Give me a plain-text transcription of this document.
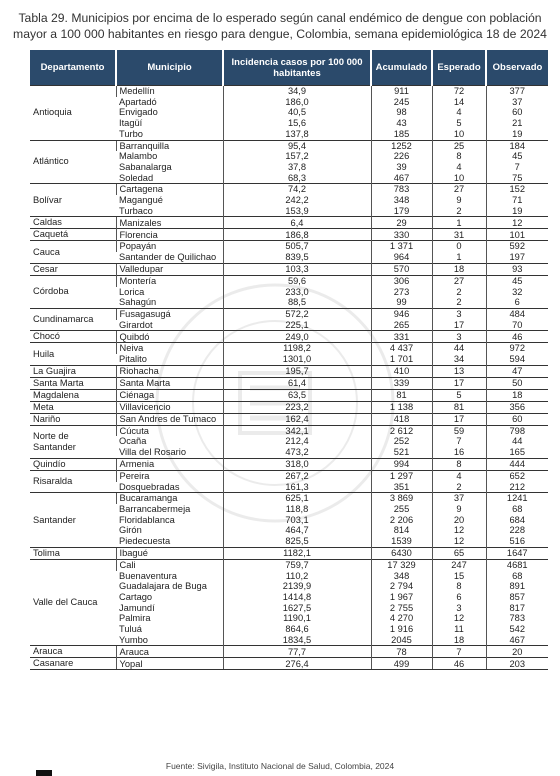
Tabla 29. Municipios por encima de lo esperado según canal endémico de dengue con población mayor a 100 000 habitantes en riesgo para dengue, Colombia, semana epidemiológica 18 de 2024
Departamento	Municipio	Incidencia casos por 100 000 habitantes	Acumulado	Esperado	Observado
Antioquia	Medellín	34,9	911	72	377
	Apartadó	186,0	245	14	37
	Envigado	40,5	98	4	60
	Itagüí	15,6	43	5	21
	Turbo	137,8	185	10	19
Atlántico	Barranquilla	95,4	1252	25	184
	Malambo	157,2	226	8	45
	Sabanalarga	37,8	39	4	7
	Soledad	68,3	467	10	75
Bolívar	Cartagena	74,2	783	27	152
	Magangué	242,2	348	9	71
	Turbaco	153,9	179	2	19
Caldas	Manizales	6,4	29	1	12
Caquetá	Florencia	186,8	330	31	101
Cauca	Popayán	505,7	1 371	0	592
	Santander de Quilichao	839,5	964	1	197
Cesar	Valledupar	103,3	570	18	93
Córdoba	Montería	59,6	306	27	45
	Lorica	233,0	273	2	32
	Sahagún	88,5	99	2	6
Cundinamarca	Fusagasugá	572,2	946	3	484
	Girardot	225,1	265	17	70
Chocó	Quibdó	249,0	331	3	46
Huila	Neiva	1198,2	4 437	44	972
	Pitalito	1301,0	1 701	34	594
La Guajira	Riohacha	195,7	410	13	47
Santa Marta	Santa Marta	61,4	339	17	50
Magdalena	Ciénaga	63,5	81	5	18
Meta	Villavicencio	223,2	1 138	81	356
Nariño	San Andres de Tumaco	162,4	418	17	60
Norte de Santander	Cúcuta	342,1	2 612	59	798
	Ocaña	212,4	252	7	44
	Villa del Rosario	473,2	521	16	165
Quindío	Armenia	318,0	994	8	444
Risaralda	Pereira	267,2	1 297	4	652
	Dosquebradas	161,3	351	2	212
Santander	Bucaramanga	625,1	3 869	37	1241
	Barrancabermeja	118,8	255	9	68
	Floridablanca	703,1	2 206	20	684
	Girón	464,7	814	12	228
	Piedecuesta	825,5	1539	12	516
Tolima	Ibagué	1182,1	6430	65	1647
Valle del Cauca	Cali	759,7	17 329	247	4681
	Buenaventura	110,2	348	15	68
	Guadalajara de Buga	2139,9	2 794	8	891
	Cartago	1414,8	1 967	6	857
	Jamundí	1627,5	2 755	3	817
	Palmira	1190,1	4 270	12	783
	Tuluá	864,6	1 916	11	542
	Yumbo	1834,5	2045	18	467
Arauca	Arauca	77,7	78	7	20
Casanare	Yopal	276,4	499	46	203
Fuente: Sivigila, Instituto Nacional de Salud, Colombia, 2024
